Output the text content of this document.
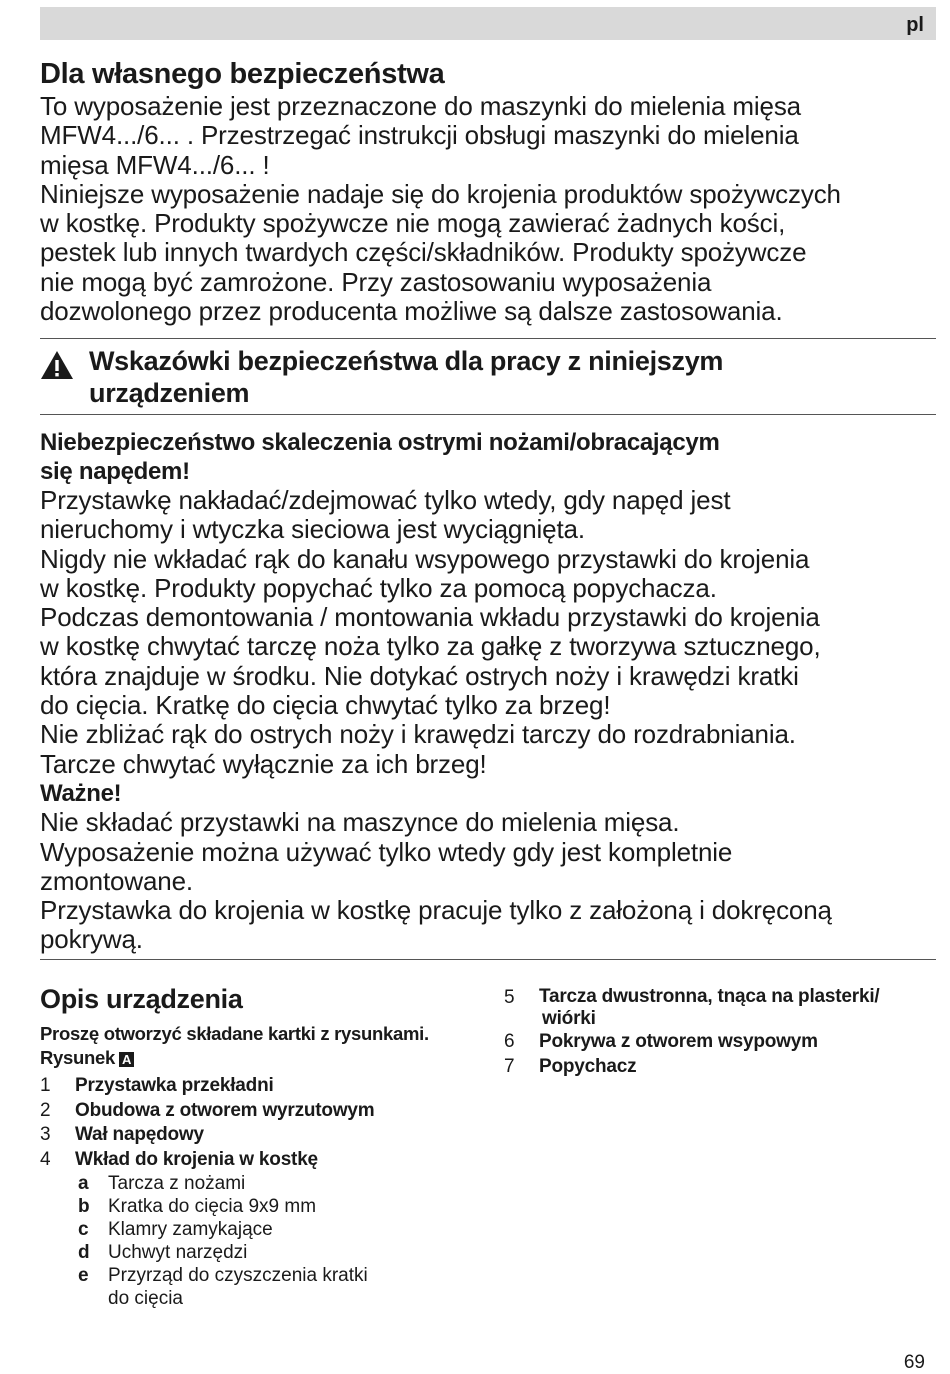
pl
Dla własnego bezpieczeństwa
To wyposażenie jest przeznaczone do maszynki do mielenia mięsa
MFW4.../6... . Przestrzegać instrukcji obsługi maszynki do mielenia
mięsa MFW4.../6... !
Niniejsze wyposażenie nadaje się do krojenia produktów spożywczych
w kostkę. Produkty spożywcze nie mogą zawierać żadnych kości,
pestek lub innych twardych części/składników. Produkty spożywcze
nie mogą być zamrożone. Przy zastosowaniu wyposażenia
dozwolonego przez producenta możliwe są dalsze zastosowania.
Wskazówki bezpieczeństwa dla pracy z niniejszym
urządzeniem
Niebezpieczeństwo skaleczenia ostrymi nożami/obracającym
się napędem!
Przystawkę nakładać/zdejmować tylko wtedy, gdy napęd jest
nieruchomy i wtyczka sieciowa jest wyciągnięta.
Nigdy nie wkładać rąk do kanału wsypowego przystawki do krojenia
w kostkę. Produkty popychać tylko za pomocą popychacza.
Podczas demontowania / montowania wkładu przystawki do krojenia
w kostkę chwytać tarczę noża tylko za gałkę z tworzywa sztucznego,
która znajduje w środku. Nie dotykać ostrych noży i krawędzi kratki
do cięcia. Kratkę do cięcia chwytać tylko za brzeg!
Nie zbliżać rąk do ostrych noży i krawędzi tarczy do rozdrabniania.
Tarcze chwytać wyłącznie za ich brzeg!
Ważne!
Nie składać przystawki na maszynce do mielenia mięsa.
Wyposażenie można używać tylko wtedy gdy jest kompletnie
zmontowane.
Przystawka do krojenia w kostkę pracuje tylko z założoną i dokręconą
pokrywą.
Opis urządzenia
Proszę otworzyć składane kartki z rysunkami.
Rysunek A
1	Przystawka przekładni
2	Obudowa z otworem wyrzutowym
3	Wał napędowy
4	Wkład do krojenia w kostkę
a	Tarcza z nożami
b Kratka do cięcia 9x9 mm
c	Klamry zamykające
d Uchwyt narzędzi
e	Przyrząd do czyszczenia kratki
do cięcia
5	Tarcza dwustronna, tnąca na plasterki/
wiórki
6	Pokrywa z otworem wsypowym
7	Popychacz
69
